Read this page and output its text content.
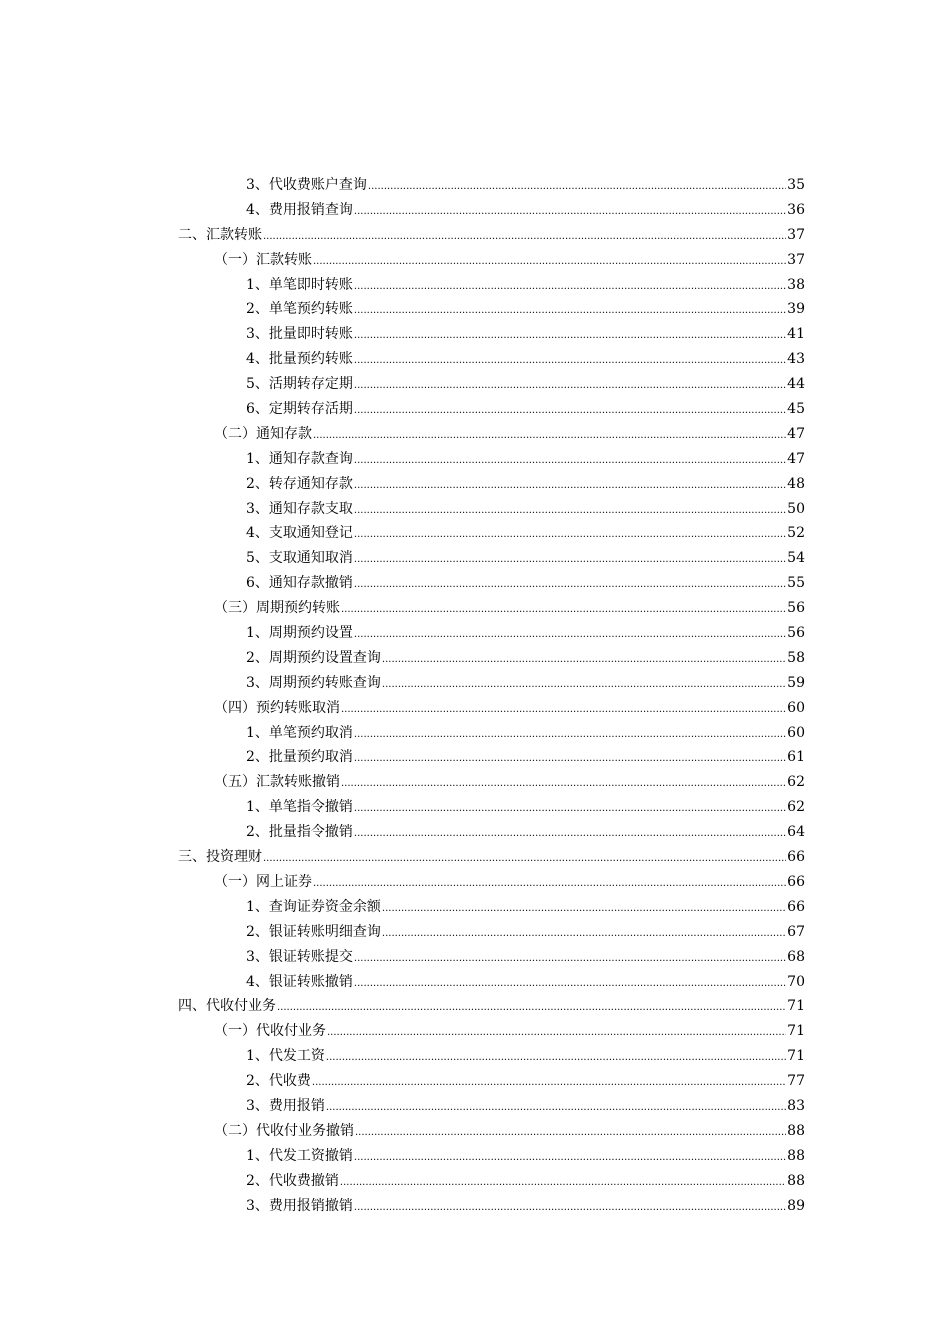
3、代收费账户查询 .....	35
4、费用报销查询 .....	36
二、汇款转账 .....	37
（一）汇款转账 .....	37
1、单笔即时转账 .....	38
2、单笔预约转账 .....	39
3、批量即时转账 .....	41
4、批量预约转账 .....	43
5、活期转存定期 .....	44
6、定期转存活期 .....	45
（二）通知存款 .....	47
1、通知存款查询 .....	47
2、转存通知存款 .....	48
3、通知存款支取 .....	50
4、支取通知登记 .....	52
5、支取通知取消 .....	54
6、通知存款撤销 .....	55
（三）周期预约转账 .....	56
1、周期预约设置 .....	56
2、周期预约设置查询 .....	58
3、周期预约转账查询 .....	59
（四）预约转账取消 .....	60
1、单笔预约取消 .....	60
2、批量预约取消 .....	61
（五）汇款转账撤销 .....	62
1、单笔指令撤销 .....	62
2、批量指令撤销 .....	64
三、投资理财 .....	66
（一）网上证券 .....	66
1、查询证券资金余额 .....	66
2、银证转账明细查询 .....	67
3、银证转账提交 .....	68
4、银证转账撤销 .....	70
四、代收付业务 .....	71
（一）代收付业务 .....	71
1、代发工资 .....	71
2、代收费 .....	77
3、费用报销 .....	83
（二）代收付业务撤销 .....	88
1、代发工资撤销 .....	88
2、代收费撤销 .....	88
3、费用报销撤销 .....	89
